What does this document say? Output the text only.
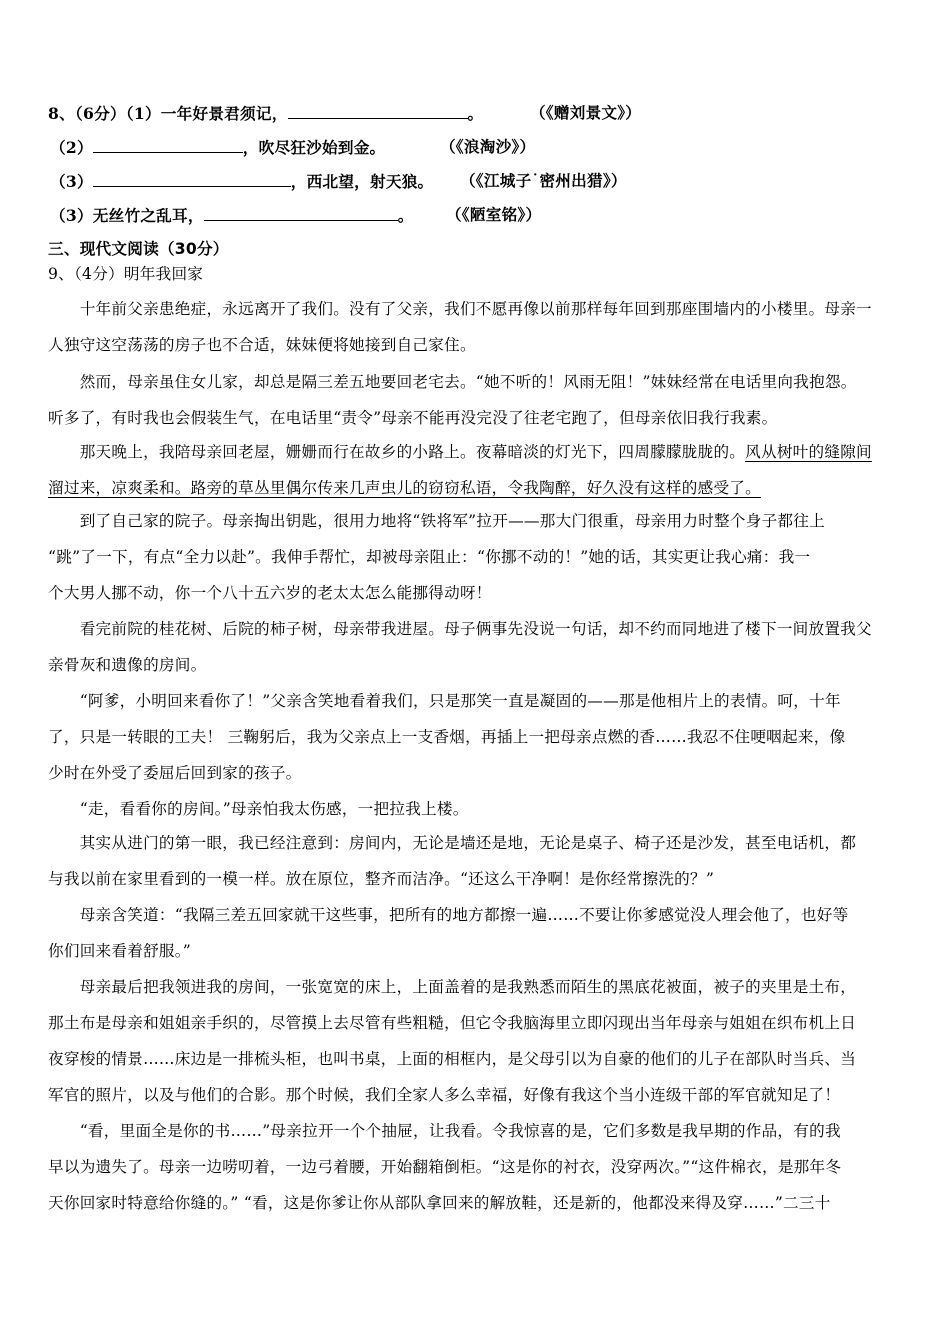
8、（6分）（1）一年好景君须记，	。	（《赠刘景文》）
（2）	，吹尽狂沙始到金。	（《浪淘沙》）
（3）	，西北望，射天狼。 （《江城子˙密州出猎》）
（3）无丝竹之乱耳，	。 （《陋室铭》）
三、现代文阅读（30分）
9、（4分）明年我回家
　　十年前父亲患绝症，永远离开了我们。没有了父亲，我们不愿再像以前那样每年回到那座围墙内的小楼里。母亲一
人独守这空荡荡的房子也不合适，妹妹便将她接到自己家住。
　　然而，母亲虽住女儿家，却总是隔三差五地要回老宅去。“她不听的！风雨无阻！”妹妹经常在电话里向我抱怨。
听多了，有时我也会假装生气，在电话里“责令”母亲不能再没完没了往老宅跑了，但母亲依旧我行我素。
　　那天晚上，我陪母亲回老屋，姗姗而行在故乡的小路上。夜幕暗淡的灯光下，四周朦朦胧胧的。风从树叶的缝隙间
溜过来，凉爽柔和。路旁的草丛里偶尔传来几声虫儿的窃窃私语，令我陶醉，好久没有这样的感受了。
　　到了自己家的院子。母亲掏出钥匙，很用力地将“铁将军”拉开——那大门很重，母亲用力时整个身子都往上
“跳”了一下，有点“全力以赴”。我伸手帮忙，却被母亲阻止：“你挪不动的！”她的话，其实更让我心痛：我一
个大男人挪不动，你一个八十五六岁的老太太怎么能挪得动呀！
　　看完前院的桂花树、后院的柿子树，母亲带我进屋。母子俩事先没说一句话，却不约而同地进了楼下一间放置我父
亲骨灰和遗像的房间。
　　“阿爹，小明回来看你了！”父亲含笑地看着我们，只是那笑一直是凝固的——那是他相片上的表情。呵，十年
了，只是一转眼的工夫！ 三鞠躬后，我为父亲点上一支香烟，再插上一把母亲点燃的香……我忍不住哽咽起来，像
少时在外受了委屈后回到家的孩子。
　　“走，看看你的房间。”母亲怕我太伤感，一把拉我上楼。
　　其实从进门的第一眼，我已经注意到：房间内，无论是墙还是地，无论是桌子、椅子还是沙发，甚至电话机，都
与我以前在家里看到的一模一样。放在原位，整齐而洁净。“还这么干净啊！是你经常擦洗的？”
　　母亲含笑道：“我隔三差五回家就干这些事，把所有的地方都擦一遍……不要让你爹感觉没人理会他了，也好等
你们回来看着舒服。”
　　母亲最后把我领进我的房间，一张宽宽的床上，上面盖着的是我熟悉而陌生的黑底花被面，被子的夹里是土布，
那土布是母亲和姐姐亲手织的，尽管摸上去尽管有些粗糙，但它令我脑海里立即闪现出当年母亲与姐姐在织布机上日
夜穿梭的情景……床边是一排梳头柜，也叫书桌，上面的相框内，是父母引以为自豪的他们的儿子在部队时当兵、当
军官的照片，以及与他们的合影。那个时候，我们全家人多么幸福，好像有我这个当小连级干部的军官就知足了！
　　“看，里面全是你的书……”母亲拉开一个个抽屉，让我看。令我惊喜的是，它们多数是我早期的作品，有的我
早以为遗失了。母亲一边唠叨着，一边弓着腰，开始翻箱倒柜。“这是你的衬衣，没穿两次。”“这件棉衣，是那年冬
天你回家时特意给你缝的。” “看，这是你爹让你从部队拿回来的解放鞋，还是新的，他都没来得及穿……”二三十
